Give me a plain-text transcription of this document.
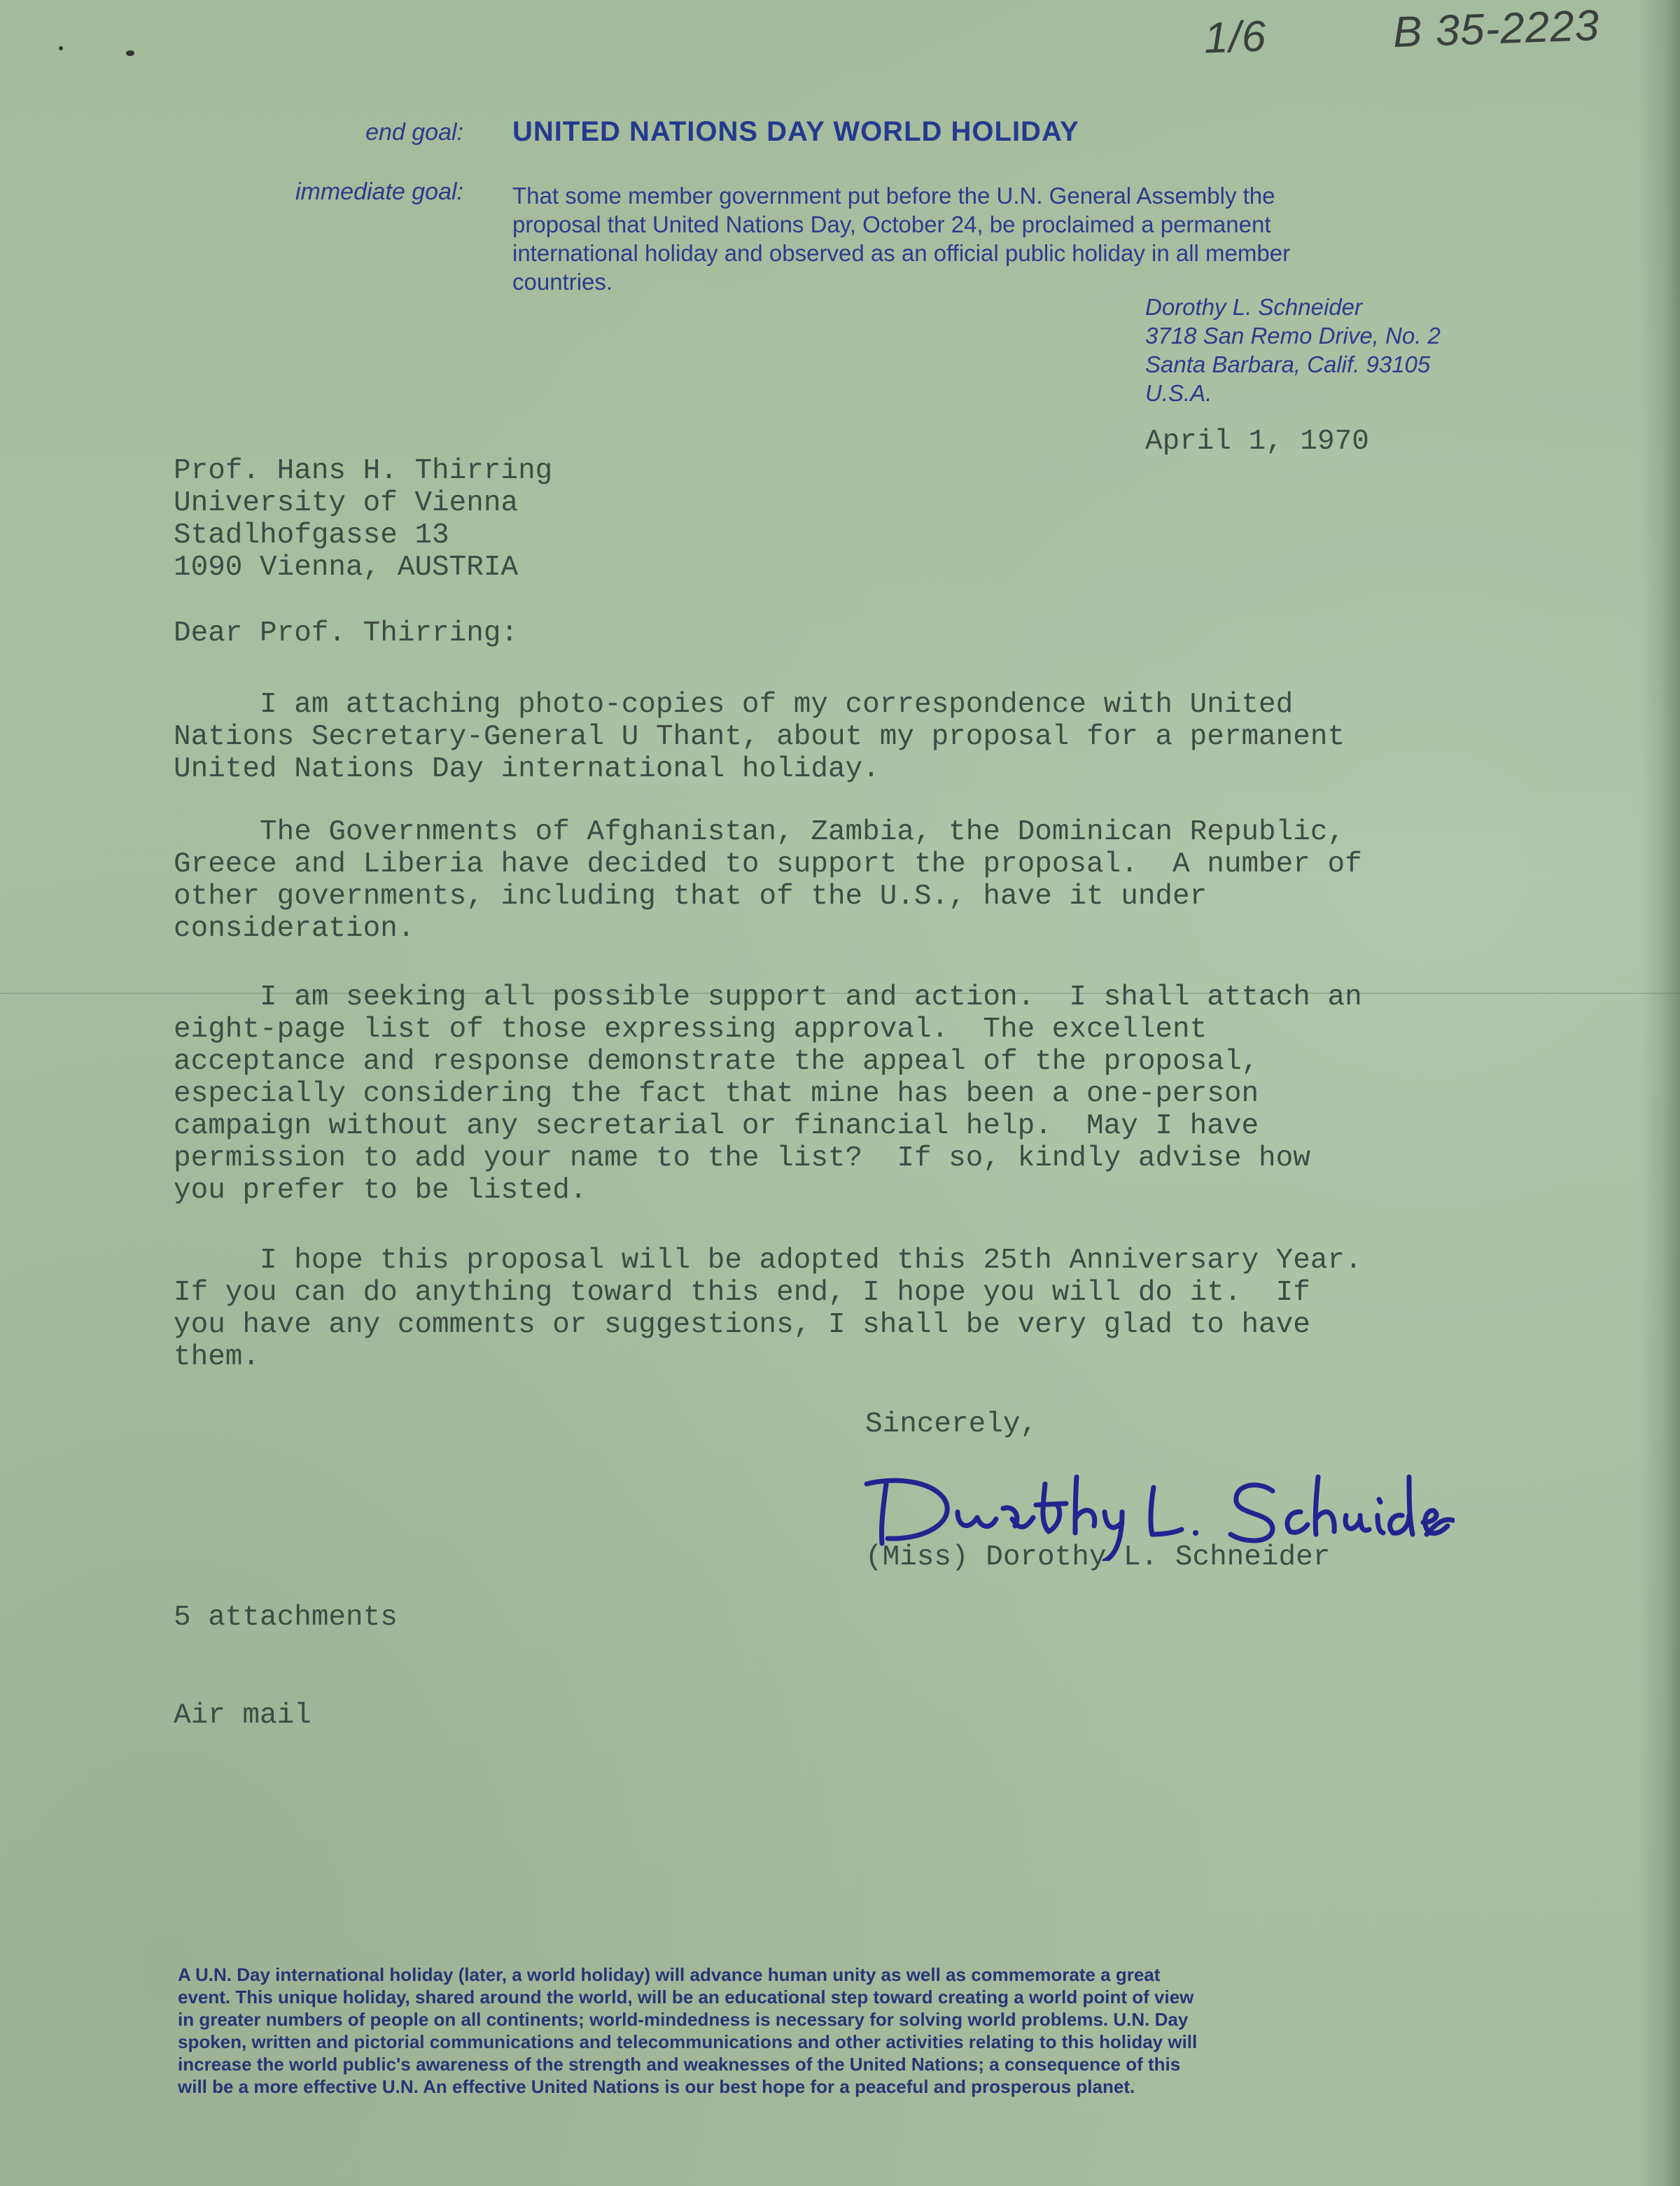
1/6	B 35-2223
end goal: UNITED NATIONS DAY WORLD HOLIDAY
immediate goal: That some member government put before the U.N. General Assembly the
proposal that United Nations Day, October 24, be proclaimed a permanent
international holiday and observed as an official public holiday in all member
countries.
Dorothy L. Schneider
3718 San Remo Drive, No. 2
Santa Barbara, Calif. 93105
U.S.A.
April 1, 1970
Prof. Hans H. Thirring
University of Vienna
Stadlhofgasse 13
1090 Vienna, AUSTRIA
Dear Prof. Thirring:
I am attaching photo-copies of my correspondence with United
Nations Secretary-General U Thant, about my proposal for a permanent
United Nations Day international holiday.
The Governments of Afghanistan, Zambia, the Dominican Republic,
Greece and Liberia have decided to support the proposal.  A number of
other governments, including that of the U.S., have it under
consideration.
I am seeking all possible support and action.  I shall attach an
eight-page list of those expressing approval.  The excellent
acceptance and response demonstrate the appeal of the proposal,
especially considering the fact that mine has been a one-person
campaign without any secretarial or financial help.  May I have
permission to add your name to the list?  If so, kindly advise how
you prefer to be listed.
I hope this proposal will be adopted this 25th Anniversary Year.
If you can do anything toward this end, I hope you will do it.  If
you have any comments or suggestions, I shall be very glad to have
them.
Sincerely,
(Miss) Dorothy L. Schneider
5 attachments
Air mail
A U.N. Day international holiday (later, a world holiday) will advance human unity as well as commemorate a great
event. This unique holiday, shared around the world, will be an educational step toward creating a world point of view
in greater numbers of people on all continents; world-mindedness is necessary for solving world problems. U.N. Day
spoken, written and pictorial communications and telecommunications and other activities relating to this holiday will
increase the world public's awareness of the strength and weaknesses of the United Nations; a consequence of this
will be a more effective U.N. An effective United Nations is our best hope for a peaceful and prosperous planet.
